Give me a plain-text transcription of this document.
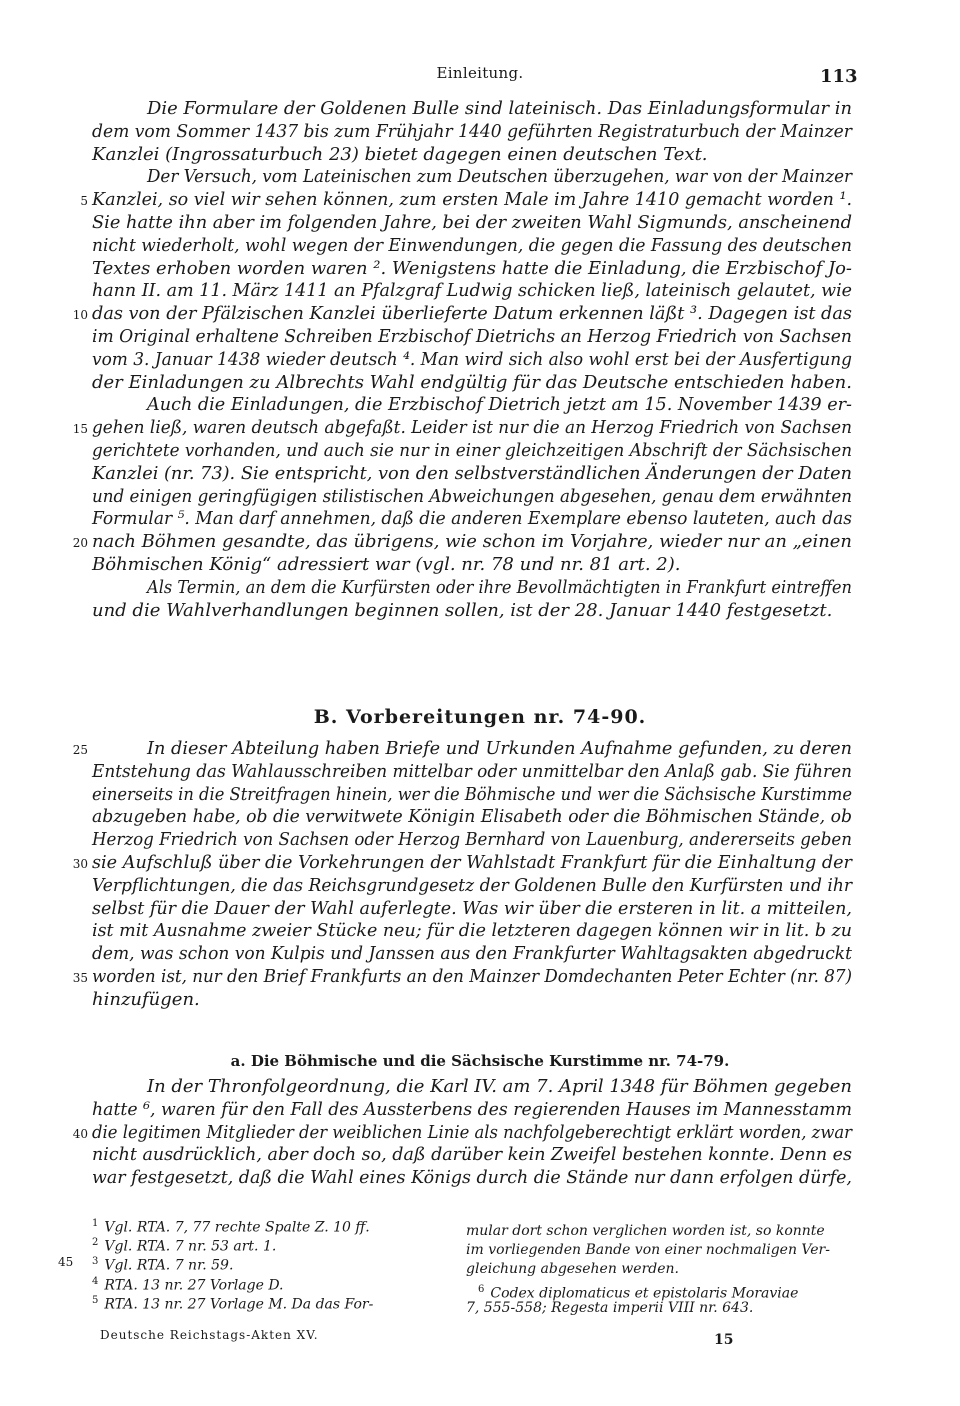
Einleitung.	113
Die Formulare der Goldenen Bulle sind lateinisch. Das Einladungsformular in
dem vom Sommer 1437 bis zum Frühjahr 1440 geführten Registraturbuch der Mainzer
Kanzlei (Ingrossaturbuch 23) bietet dagegen einen deutschen Text.
Der Versuch, vom Lateinischen zum Deutschen überzugehen, war von der Mainzer
5 Kanzlei, so viel wir sehen können, zum ersten Male im Jahre 1410 gemacht worden ¹.
Sie hatte ihn aber im folgenden Jahre, bei der zweiten Wahl Sigmunds, anscheinend
nicht wiederholt, wohl wegen der Einwendungen, die gegen die Fassung des deutschen
Textes erhoben worden waren ². Wenigstens hatte die Einladung, die Erzbischof Jo-
hann II. am 11. März 1411 an Pfalzgraf Ludwig schicken ließ, lateinisch gelautet, wie
10 das von der Pfälzischen Kanzlei überlieferte Datum erkennen läßt ³. Dagegen ist das
im Original erhaltene Schreiben Erzbischof Dietrichs an Herzog Friedrich von Sachsen
vom 3. Januar 1438 wieder deutsch ⁴. Man wird sich also wohl erst bei der Ausfertigung
der Einladungen zu Albrechts Wahl endgültig für das Deutsche entschieden haben.
Auch die Einladungen, die Erzbischof Dietrich jetzt am 15. November 1439 er-
15 gehen ließ, waren deutsch abgefaßt. Leider ist nur die an Herzog Friedrich von Sachsen
gerichtete vorhanden, und auch sie nur in einer gleichzeitigen Abschrift der Sächsischen
Kanzlei (nr. 73). Sie entspricht, von den selbstverständlichen Änderungen der Daten
und einigen geringfügigen stilistischen Abweichungen abgesehen, genau dem erwähnten
Formular ⁵. Man darf annehmen, daß die anderen Exemplare ebenso lauteten, auch das
20 nach Böhmen gesandte, das übrigens, wie schon im Vorjahre, wieder nur an „einen
Böhmischen König“ adressiert war (vgl. nr. 78 und nr. 81 art. 2).
Als Termin, an dem die Kurfürsten oder ihre Bevollmächtigten in Frankfurt eintreffen
und die Wahlverhandlungen beginnen sollen, ist der 28. Januar 1440 festgesetzt.
B. Vorbereitungen nr. 74-90.
25	In dieser Abteilung haben Briefe und Urkunden Aufnahme gefunden, zu deren
Entstehung das Wahlausschreiben mittelbar oder unmittelbar den Anlaß gab. Sie führen
einerseits in die Streitfragen hinein, wer die Böhmische und wer die Sächsische Kurstimme
abzugeben habe, ob die verwitwete Königin Elisabeth oder die Böhmischen Stände, ob
Herzog Friedrich von Sachsen oder Herzog Bernhard von Lauenburg, andererseits geben
30 sie Aufschluß über die Vorkehrungen der Wahlstadt Frankfurt für die Einhaltung der
Verpflichtungen, die das Reichsgrundgesetz der Goldenen Bulle den Kurfürsten und ihr
selbst für die Dauer der Wahl auferlegte. Was wir über die ersteren in lit. a mitteilen,
ist mit Ausnahme zweier Stücke neu; für die letzteren dagegen können wir in lit. b zu
dem, was schon von Kulpis und Janssen aus den Frankfurter Wahltagsakten abgedruckt
35 worden ist, nur den Brief Frankfurts an den Mainzer Domdechanten Peter Echter (nr. 87)
hinzufügen.
a. Die Böhmische und die Sächsische Kurstimme nr. 74-79.
In der Thronfolgeordnung, die Karl IV. am 7. April 1348 für Böhmen gegeben
hatte ⁶, waren für den Fall des Aussterbens des regierenden Hauses im Mannesstamm
40 die legitimen Mitglieder der weiblichen Linie als nachfolgeberechtigt erklärt worden, zwar
nicht ausdrücklich, aber doch so, daß darüber kein Zweifel bestehen konnte. Denn es
war festgesetzt, daß die Wahl eines Königs durch die Stände nur dann erfolgen dürfe,
$^1$ Vgl. RTA. 7, 77 rechte Spalte Z. 10 ff.
$^2$ Vgl. RTA. 7 nr. 53 art. 1.
45 $^3$ Vgl. RTA. 7 nr. 59.
$^4$ RTA. 13 nr. 27 Vorlage D.
$^5$ RTA. 13 nr. 27 Vorlage M. Da das For-
mular dort schon verglichen worden ist, so konnte
im vorliegenden Bande von einer nochmaligen Ver-
gleichung abgesehen werden.
$^6$ Codex diplomaticus et epistolaris Moraviae
7, 555-558; Regesta imperii VIII nr. 643.
Deutsche Reichstags-Akten XV.	15
